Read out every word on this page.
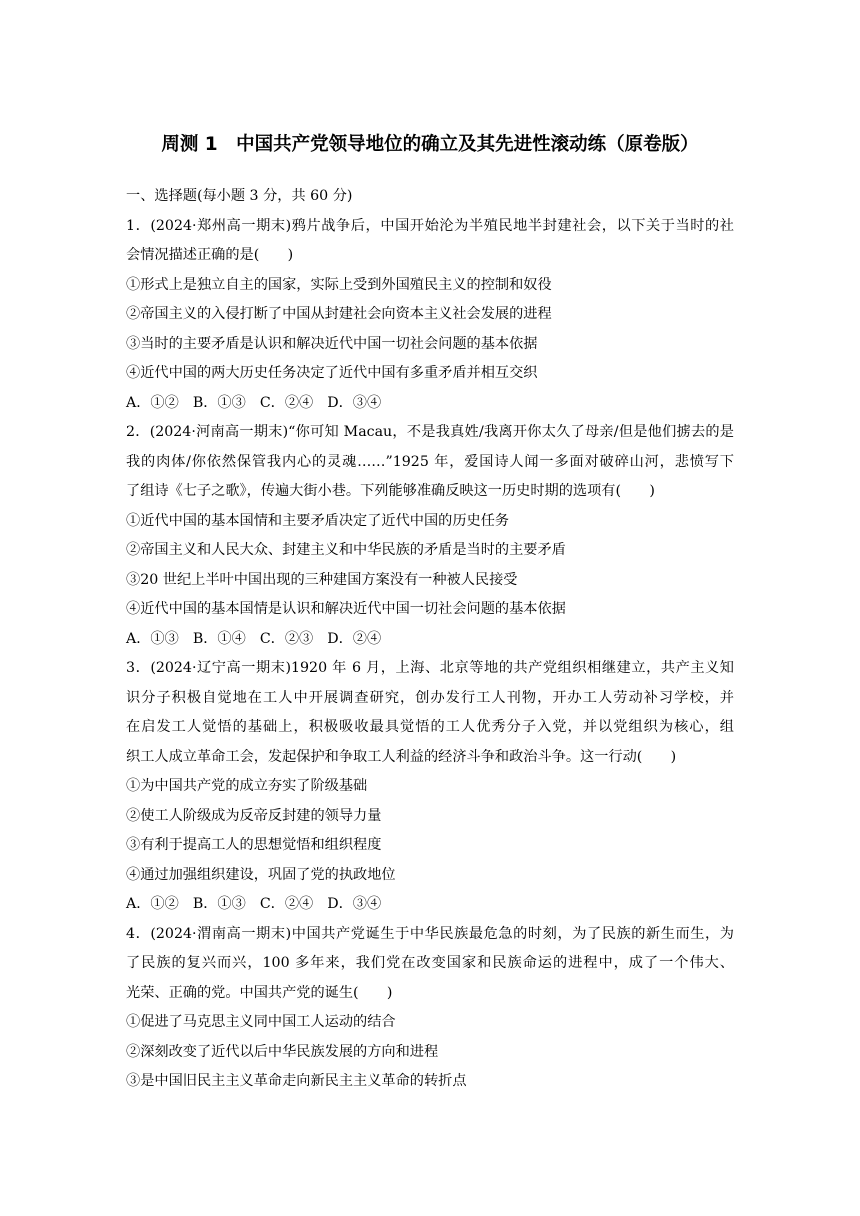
周测 1　中国共产党领导地位的确立及其先进性滚动练（原卷版）
一、选择题(每小题 3 分，共 60 分)
1．(2024·郑州高一期末)鸦片战争后，中国开始沦为半殖民地半封建社会，以下关于当时的社
会情况描述正确的是(　　)
①形式上是独立自主的国家，实际上受到外国殖民主义的控制和奴役
②帝国主义的入侵打断了中国从封建社会向资本主义社会发展的进程
③当时的主要矛盾是认识和解决近代中国一切社会问题的基本依据
④近代中国的两大历史任务决定了近代中国有多重矛盾并相互交织
A．①② B．①③ C．②④ D．③④
2．(2024·河南高一期末)“你可知 Macau，不是我真姓/我离开你太久了母亲/但是他们掳去的是
我的肉体/你依然保管我内心的灵魂……”1925 年，爱国诗人闻一多面对破碎山河，悲愤写下
了组诗《七子之歌》，传遍大街小巷。下列能够准确反映这一历史时期的选项有(　　)
①近代中国的基本国情和主要矛盾决定了近代中国的历史任务
②帝国主义和人民大众、封建主义和中华民族的矛盾是当时的主要矛盾
③20 世纪上半叶中国出现的三种建国方案没有一种被人民接受
④近代中国的基本国情是认识和解决近代中国一切社会问题的基本依据
A．①③ B．①④ C．②③ D．②④
3．(2024·辽宁高一期末)1920 年 6 月，上海、北京等地的共产党组织相继建立，共产主义知
识分子积极自觉地在工人中开展调查研究，创办发行工人刊物，开办工人劳动补习学校，并
在启发工人觉悟的基础上，积极吸收最具觉悟的工人优秀分子入党，并以党组织为核心，组
织工人成立革命工会，发起保护和争取工人利益的经济斗争和政治斗争。这一行动(　　)
①为中国共产党的成立夯实了阶级基础
②使工人阶级成为反帝反封建的领导力量
③有利于提高工人的思想觉悟和组织程度
④通过加强组织建设，巩固了党的执政地位
A．①② B．①③ C．②④ D．③④
4．(2024·渭南高一期末)中国共产党诞生于中华民族最危急的时刻，为了民族的新生而生，为
了民族的复兴而兴，100 多年来，我们党在改变国家和民族命运的进程中，成了一个伟大、
光荣、正确的党。中国共产党的诞生(　　)
①促进了马克思主义同中国工人运动的结合
②深刻改变了近代以后中华民族发展的方向和进程
③是中国旧民主主义革命走向新民主主义革命的转折点
